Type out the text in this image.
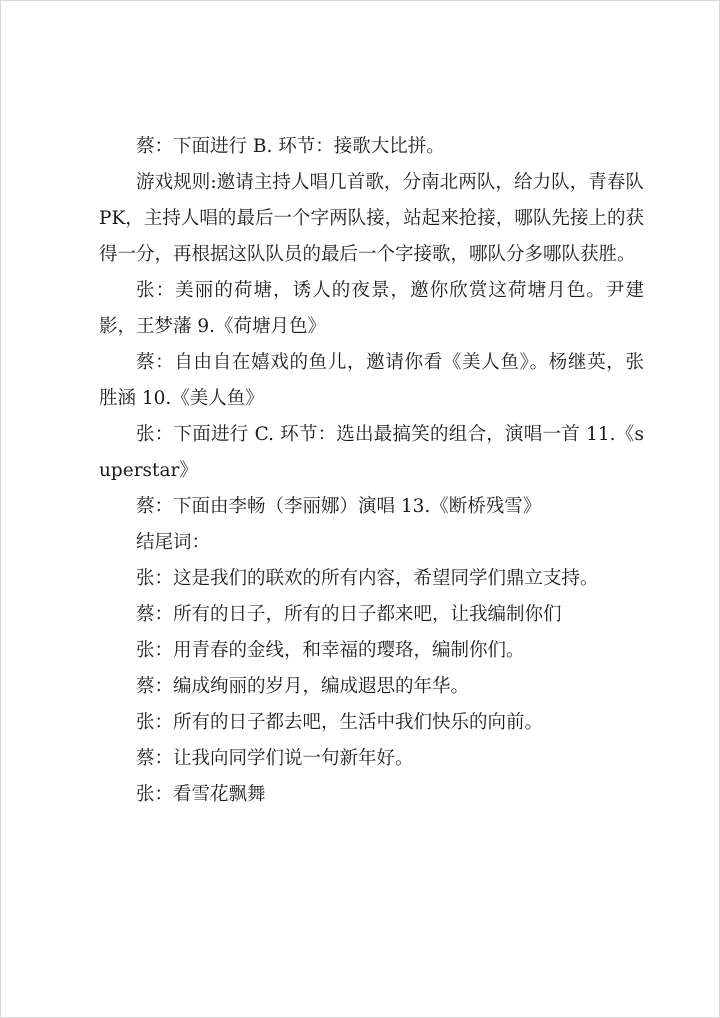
蔡：下面进行 B. 环节：接歌大比拼。

游戏规则:邀请主持人唱几首歌，分南北两队，给力队，青春队 PK，主持人唱的最后一个字两队接，站起来抢接，哪队先接上的获得一分，再根据这队队员的最后一个字接歌，哪队分多哪队获胜。

张：美丽的荷塘，诱人的夜景，邀你欣赏这荷塘月色。尹建影，王梦藩 9.《荷塘月色》

蔡：自由自在嬉戏的鱼儿，邀请你看《美人鱼》。杨继英，张胜涵 10.《美人鱼》

张：下面进行 C. 环节：选出最搞笑的组合，演唱一首 11.《superstar》

蔡：下面由李畅（李丽娜）演唱 13.《断桥残雪》

结尾词：

张：这是我们的联欢的所有内容，希望同学们鼎立支持。

蔡：所有的日子，所有的日子都来吧，让我编制你们

张：用青春的金线，和幸福的璎珞，编制你们。

蔡：编成绚丽的岁月，编成遐思的年华。

张：所有的日子都去吧，生活中我们快乐的向前。

蔡：让我向同学们说一句新年好。

张：看雪花飘舞
